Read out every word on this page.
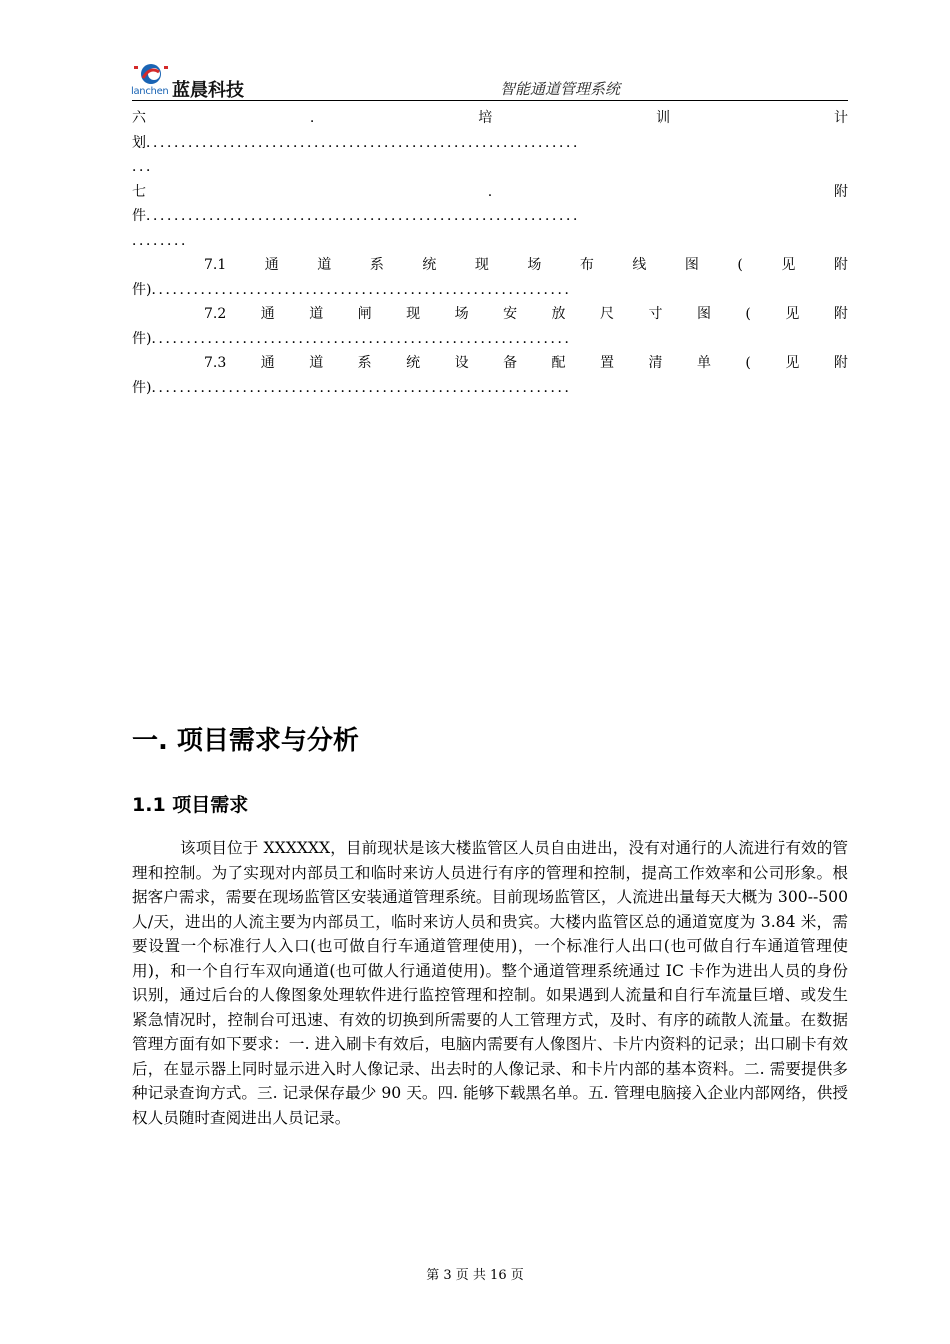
lanchen 蓝晨科技	智能通道管理系统
六	.	培	训	计
划．．．．．．．．．．．．．．．．．．．．．．．．．．．．．．．．．．．．．．．．．．．．．．．．．．．．．．．．．．．．．．
．．．
七	.	附
件．．．．．．．．．．．．．．．．．．．．．．．．．．．．．．．．．．．．．．．．．．．．．．．．．．．．．．．．．．．．．．
．．．．．．．．
7.1	通	道	系	统	现	场	布	线	图	(	见	附
件)．．．．．．．．．．．．．．．．．．．．．．．．．．．．．．．．．．．．．．．．．．．．．．．．．．．．．．．．．．．．
7.2 通 道 闸 现 场 安 放 尺 寸 图 ( 见 附
件)．．．．．．．．．．．．．．．．．．．．．．．．．．．．．．．．．．．．．．．．．．．．．．．．．．．．．．．．．．．．
7.3 通 道 系 统 设 备 配 置 清 单 ( 见 附
件)．．．．．．．．．．．．．．．．．．．．．．．．．．．．．．．．．．．．．．．．．．．．．．．．．．．．．．．．．．．．
一. 项目需求与分析
1.1 项目需求
该项目位于 XXXXXX，目前现状是该大楼监管区人员自由进出，没有对通行的人流进行有效的管理和控制。为了实现对内部员工和临时来访人员进行有序的管理和控制，提高工作效率和公司形象。根据客户需求，需要在现场监管区安装通道管理系统。目前现场监管区，人流进出量每天大概为 300--500 人/天，进出的人流主要为内部员工，临时来访人员和贵宾。大楼内监管区总的通道宽度为 3.84 米，需要设置一个标准行人入口(也可做自行车通道管理使用)，一个标准行人出口(也可做自行车通道管理使用)，和一个自行车双向通道(也可做人行通道使用)。整个通道管理系统通过 IC 卡作为进出人员的身份识别，通过后台的人像图象处理软件进行监控管理和控制。如果遇到人流量和自行车流量巨增、或发生紧急情况时，控制台可迅速、有效的切换到所需要的人工管理方式，及时、有序的疏散人流量。在数据管理方面有如下要求：一. 进入刷卡有效后，电脑内需要有人像图片、卡片内资料的记录；出口刷卡有效后，在显示器上同时显示进入时人像记录、出去时的人像记录、和卡片内部的基本资料。二. 需要提供多种记录查询方式。三. 记录保存最少 90 天。四. 能够下载黑名单。五. 管理电脑接入企业内部网络，供授权人员随时查阅进出人员记录。
第 3 页 共 16 页
